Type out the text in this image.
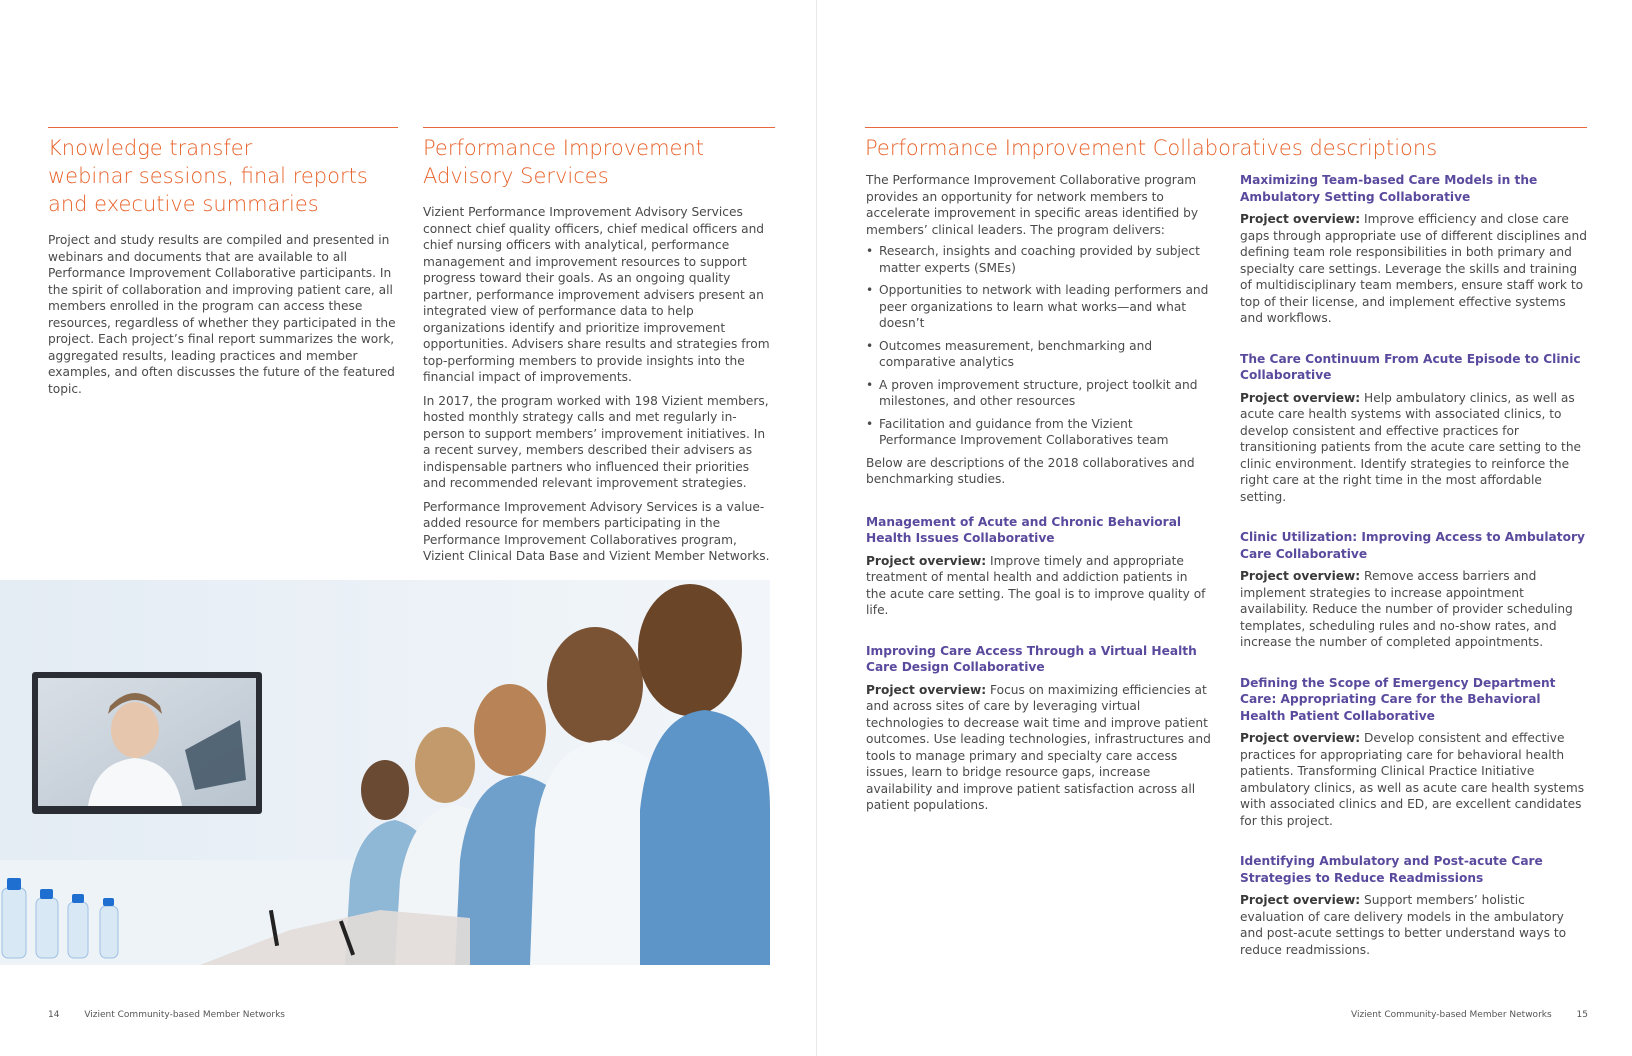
Knowledge transfer
webinar sessions, final reports
and executive summaries

Project and study results are compiled and presented in webinars and documents that are available to all Performance Improvement Collaborative participants. In the spirit of collaboration and improving patient care, all members enrolled in the program can access these resources, regardless of whether they participated in the project. Each project’s final report summarizes the work, aggregated results, leading practices and member examples, and often discusses the future of the featured topic.

Performance Improvement
Advisory Services

Vizient Performance Improvement Advisory Services connect chief quality officers, chief medical officers and chief nursing officers with analytical, performance management and improvement resources to support progress toward their goals. As an ongoing quality partner, performance improvement advisers present an integrated view of performance data to help organizations identify and prioritize improvement opportunities. Advisers share results and strategies from top-performing members to provide insights into the financial impact of improvements.

In 2017, the program worked with 198 Vizient members, hosted monthly strategy calls and met regularly in-person to support members’ improvement initiatives. In a recent survey, members described their advisers as indispensable partners who influenced their priorities and recommended relevant improvement strategies.

Performance Improvement Advisory Services is a value-added resource for members participating in the Performance Improvement Collaboratives program, Vizient Clinical Data Base and Vizient Member Networks.

14	Vizient Community-based Member Networks
Performance Improvement Collaboratives descriptions

The Performance Improvement Collaborative program provides an opportunity for network members to accelerate improvement in specific areas identified by members’ clinical leaders. The program delivers:

• Research, insights and coaching provided by subject matter experts (SMEs)
• Opportunities to network with leading performers and peer organizations to learn what works—and what doesn’t
• Outcomes measurement, benchmarking and comparative analytics
• A proven improvement structure, project toolkit and milestones, and other resources
• Facilitation and guidance from the Vizient Performance Improvement Collaboratives team

Below are descriptions of the 2018 collaboratives and benchmarking studies.

Management of Acute and Chronic Behavioral Health Issues Collaborative

Project overview: Improve timely and appropriate treatment of mental health and addiction patients in the acute care setting. The goal is to improve quality of life.

Improving Care Access Through a Virtual Health Care Design Collaborative

Project overview: Focus on maximizing efficiencies at and across sites of care by leveraging virtual technologies to decrease wait time and improve patient outcomes. Use leading technologies, infrastructures and tools to manage primary and specialty care access issues, learn to bridge resource gaps, increase availability and improve patient satisfaction across all patient populations.

Maximizing Team-based Care Models in the Ambulatory Setting Collaborative

Project overview: Improve efficiency and close care gaps through appropriate use of different disciplines and defining team role responsibilities in both primary and specialty care settings. Leverage the skills and training of multidisciplinary team members, ensure staff work to top of their license, and implement effective systems and workflows.

The Care Continuum From Acute Episode to Clinic Collaborative

Project overview: Help ambulatory clinics, as well as acute care health systems with associated clinics, to develop consistent and effective practices for transitioning patients from the acute care setting to the clinic environment. Identify strategies to reinforce the right care at the right time in the most affordable setting.

Clinic Utilization: Improving Access to Ambulatory Care Collaborative

Project overview: Remove access barriers and implement strategies to increase appointment availability. Reduce the number of provider scheduling templates, scheduling rules and no-show rates, and increase the number of completed appointments.

Defining the Scope of Emergency Department Care: Appropriating Care for the Behavioral Health Patient Collaborative

Project overview: Develop consistent and effective practices for appropriating care for behavioral health patients. Transforming Clinical Practice Initiative ambulatory clinics, as well as acute care health systems with associated clinics and ED, are excellent candidates for this project.

Identifying Ambulatory and Post-acute Care Strategies to Reduce Readmissions

Project overview: Support members’ holistic evaluation of care delivery models in the ambulatory and post-acute settings to better understand ways to reduce readmissions.

Vizient Community-based Member Networks	15
